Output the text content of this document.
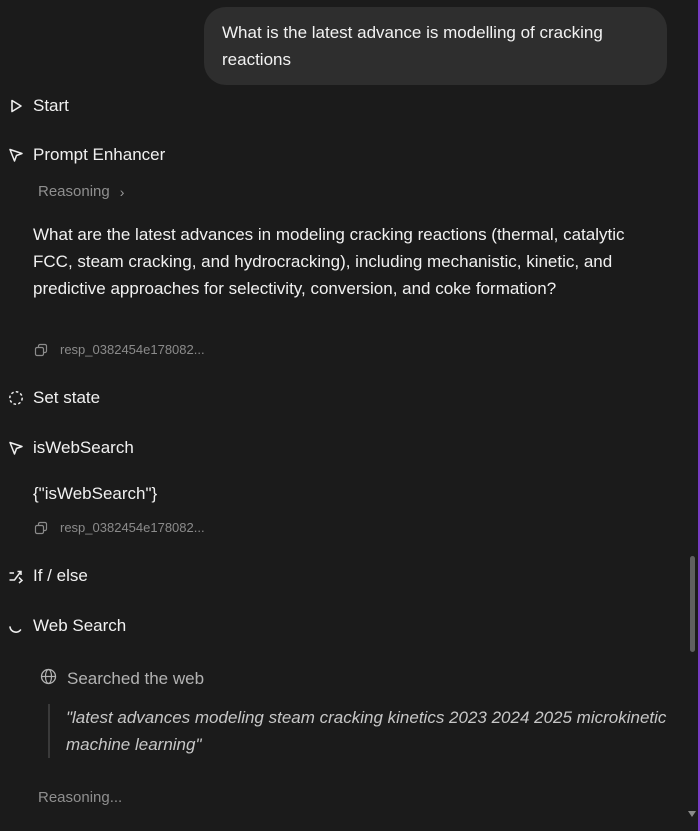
What is the latest advance is modelling of cracking reactions
Start
Prompt Enhancer
Reasoning ›
What are the latest advances in modeling cracking reactions (thermal, catalytic FCC, steam cracking, and hydrocracking), including mechanistic, kinetic, and predictive approaches for selectivity, conversion, and coke formation?
resp_0382454e178082...
Set state
isWebSearch
{"isWebSearch"}
resp_0382454e178082...
If / else
Web Search
Searched the web
"latest advances modeling steam cracking kinetics 2023 2024 2025 microkinetic machine learning"
Reasoning...
